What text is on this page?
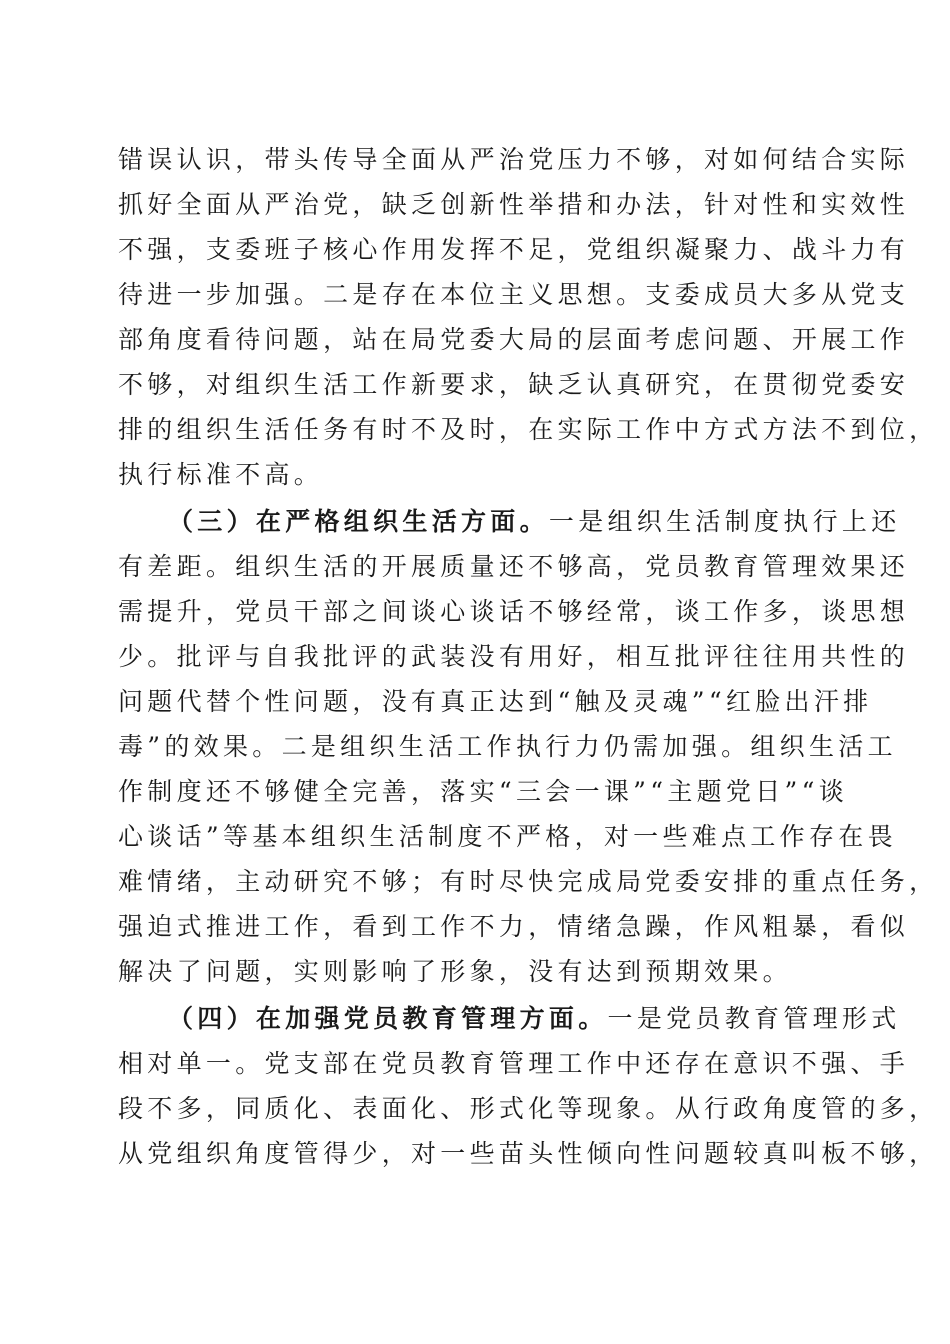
错误认识，带头传导全面从严治党压力不够，对如何结合实际
抓好全面从严治党，缺乏创新性举措和办法，针对性和实效性
不强，支委班子核心作用发挥不足，党组织凝聚力、战斗力有
待进一步加强。二是存在本位主义思想。支委成员大多从党支
部角度看待问题，站在局党委大局的层面考虑问题、开展工作
不够，对组织生活工作新要求，缺乏认真研究，在贯彻党委安
排的组织生活任务有时不及时，在实际工作中方式方法不到位，
执行标准不高。
（三）在严格组织生活方面。一是组织生活制度执行上还
有差距。组织生活的开展质量还不够高，党员教育管理效果还
需提升，党员干部之间谈心谈话不够经常，谈工作多，谈思想
少。批评与自我批评的武装没有用好，相互批评往往用共性的
问题代替个性问题，没有真正达到“触及灵魂”“红脸出汗排
毒”的效果。二是组织生活工作执行力仍需加强。组织生活工
作制度还不够健全完善，落实“三会一课”“主题党日”“谈
心谈话”等基本组织生活制度不严格，对一些难点工作存在畏
难情绪，主动研究不够；有时尽快完成局党委安排的重点任务，
强迫式推进工作，看到工作不力，情绪急躁，作风粗暴，看似
解决了问题，实则影响了形象，没有达到预期效果。
（四）在加强党员教育管理方面。一是党员教育管理形式
相对单一。党支部在党员教育管理工作中还存在意识不强、手
段不多，同质化、表面化、形式化等现象。从行政角度管的多，
从党组织角度管得少，对一些苗头性倾向性问题较真叫板不够，
